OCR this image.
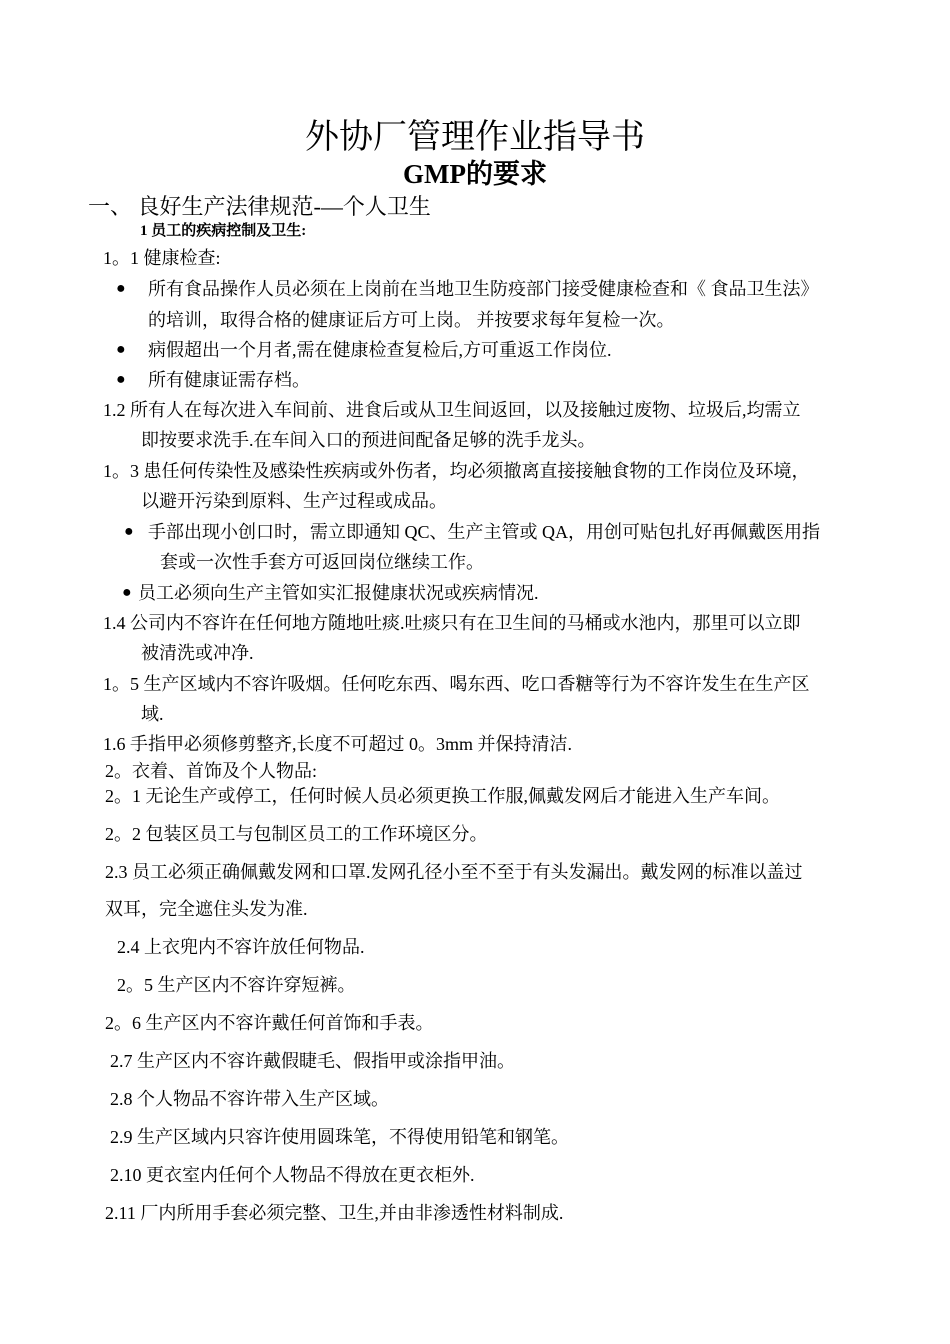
外协厂管理作业指导书
GMP的要求
一、 良好生产法律规范-—个人卫生
1 员工的疾病控制及卫生:
1。1 健康检查:
● 所有食品操作人员必须在上岗前在当地卫生防疫部门接受健康检查和《 食品卫生法》
的培训，取得合格的健康证后方可上岗。 并按要求每年复检一次。
● 病假超出一个月者,需在健康检查复检后,方可重返工作岗位.
● 所有健康证需存档。
1.2 所有人在每次进入车间前、进食后或从卫生间返回，以及接触过废物、垃圾后,均需立
即按要求洗手.在车间入口的预进间配备足够的洗手龙头。
1。3 患任何传染性及感染性疾病或外伤者，均必须撤离直接接触食物的工作岗位及环境，
以避开污染到原料、生产过程或成品。
● 手部出现小创口时，需立即通知 QC、生产主管或 QA，用创可贴包扎好再佩戴医用指
套或一次性手套方可返回岗位继续工作。
● 员工必须向生产主管如实汇报健康状况或疾病情况.
1.4 公司内不容许在任何地方随地吐痰.吐痰只有在卫生间的马桶或水池内，那里可以立即
被清洗或冲净.
1。5 生产区域内不容许吸烟。任何吃东西、喝东西、吃口香糖等行为不容许发生在生产区
域.
1.6 手指甲必须修剪整齐,长度不可超过 0。3mm 并保持清洁.
2。衣着、首饰及个人物品:
2。1 无论生产或停工，任何时候人员必须更换工作服,佩戴发网后才能进入生产车间。
2。2 包装区员工与包制区员工的工作环境区分。
2.3 员工必须正确佩戴发网和口罩.发网孔径小至不至于有头发漏出。戴发网的标准以盖过
双耳，完全遮住头发为准.
2.4 上衣兜内不容许放任何物品.
2。5 生产区内不容许穿短裤。
2。6 生产区内不容许戴任何首饰和手表。
2.7 生产区内不容许戴假睫毛、假指甲或涂指甲油。
2.8 个人物品不容许带入生产区域。
2.9 生产区域内只容许使用圆珠笔，不得使用铅笔和钢笔。
2.10 更衣室内任何个人物品不得放在更衣柜外.
2.11 厂内所用手套必须完整、卫生,并由非渗透性材料制成.
